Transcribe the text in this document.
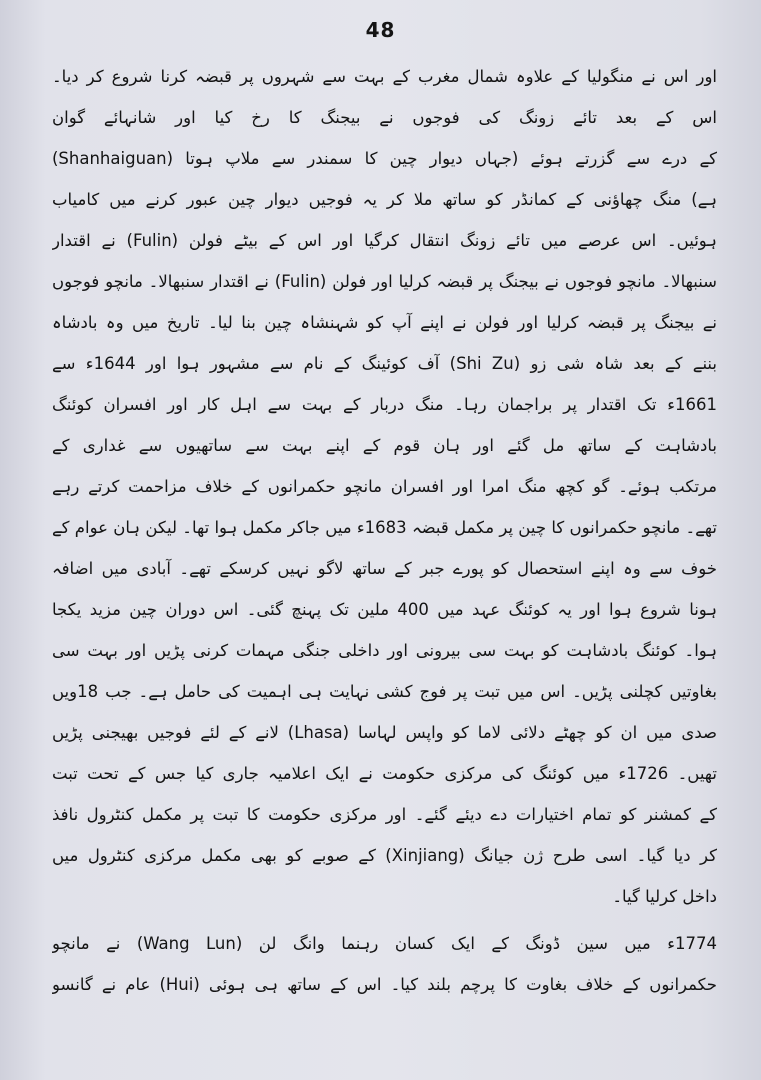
48
اور اس نے منگولیا کے علاوہ شمال مغرب کے بہت سے شہروں پر قبضہ کرنا شروع کر دیا۔
اس کے بعد تائے زونگ کی فوجوں نے بیجنگ کا رخ کیا اور شانہائے گوان
(Shanhaiguan) کے درے سے گزرتے ہوئے (جہاں دیوار چین کا سمندر سے ملاپ ہوتا
ہے) منگ چھاؤنی کے کمانڈر کو ساتھ ملا کر یہ فوجیں دیوار چین عبور کرنے میں کامیاب
ہوئیں۔ اس عرصے میں تائے زونگ انتقال کرگیا اور اس کے بیٹے فولن (Fulin) نے اقتدار
سنبھالا۔ مانچو فوجوں نے بیجنگ پر قبضہ کرلیا اور فولن (Fulin) نے اقتدار سنبھالا۔ مانچو فوجوں
نے بیجنگ پر قبضہ کرلیا اور فولن نے اپنے آپ کو شہنشاہ چین بنا لیا۔ تاریخ میں وہ بادشاہ
بننے کے بعد شاہ شی زو (Shi Zu) آف کوئینگ کے نام سے مشہور ہوا اور 1644ء سے
1661ء تک اقتدار پر براجمان رہا۔ منگ دربار کے بہت سے اہل کار اور افسران کوئنگ
بادشاہت کے ساتھ مل گئے اور ہان قوم کے اپنے بہت سے ساتھیوں سے غداری کے
مرتکب ہوئے۔ گو کچھ منگ امرا اور افسران مانچو حکمرانوں کے خلاف مزاحمت کرتے رہے
تھے۔ مانچو حکمرانوں کا چین پر مکمل قبضہ 1683ء میں جاکر مکمل ہوا تھا۔ لیکن ہان عوام کے
خوف سے وہ اپنے استحصال کو پورے جبر کے ساتھ لاگو نہیں کرسکے تھے۔ آبادی میں اضافہ
ہونا شروع ہوا اور یہ کوئنگ عہد میں 400 ملین تک پہنچ گئی۔ اس دوران چین مزید یکجا
ہوا۔ کوئنگ بادشاہت کو بہت سی بیرونی اور داخلی جنگی مہمات کرنی پڑیں اور بہت سی
بغاوتیں کچلنی پڑیں۔ اس میں تبت پر فوج کشی نہایت ہی اہمیت کی حامل ہے۔ جب 18ویں
صدی میں ان کو چھٹے دلائی لاما کو واپس لہاسا (Lhasa) لانے کے لئے فوجیں بھیجنی پڑیں
تھیں۔ 1726ء میں کوئنگ کی مرکزی حکومت نے ایک اعلامیہ جاری کیا جس کے تحت تبت
کے کمشنر کو تمام اختیارات دے دیئے گئے۔ اور مرکزی حکومت کا تبت پر مکمل کنٹرول نافذ
کر دیا گیا۔ اسی طرح ژن جیانگ (Xinjiang) کے صوبے کو بھی مکمل مرکزی کنٹرول میں
داخل کرلیا گیا۔
1774ء میں سین ڈونگ کے ایک کسان رہنما وانگ لن (Wang Lun) نے مانچو
حکمرانوں کے خلاف بغاوت کا پرچم بلند کیا۔ اس کے ساتھ ہی ہوئی (Hui) عام نے گانسو
